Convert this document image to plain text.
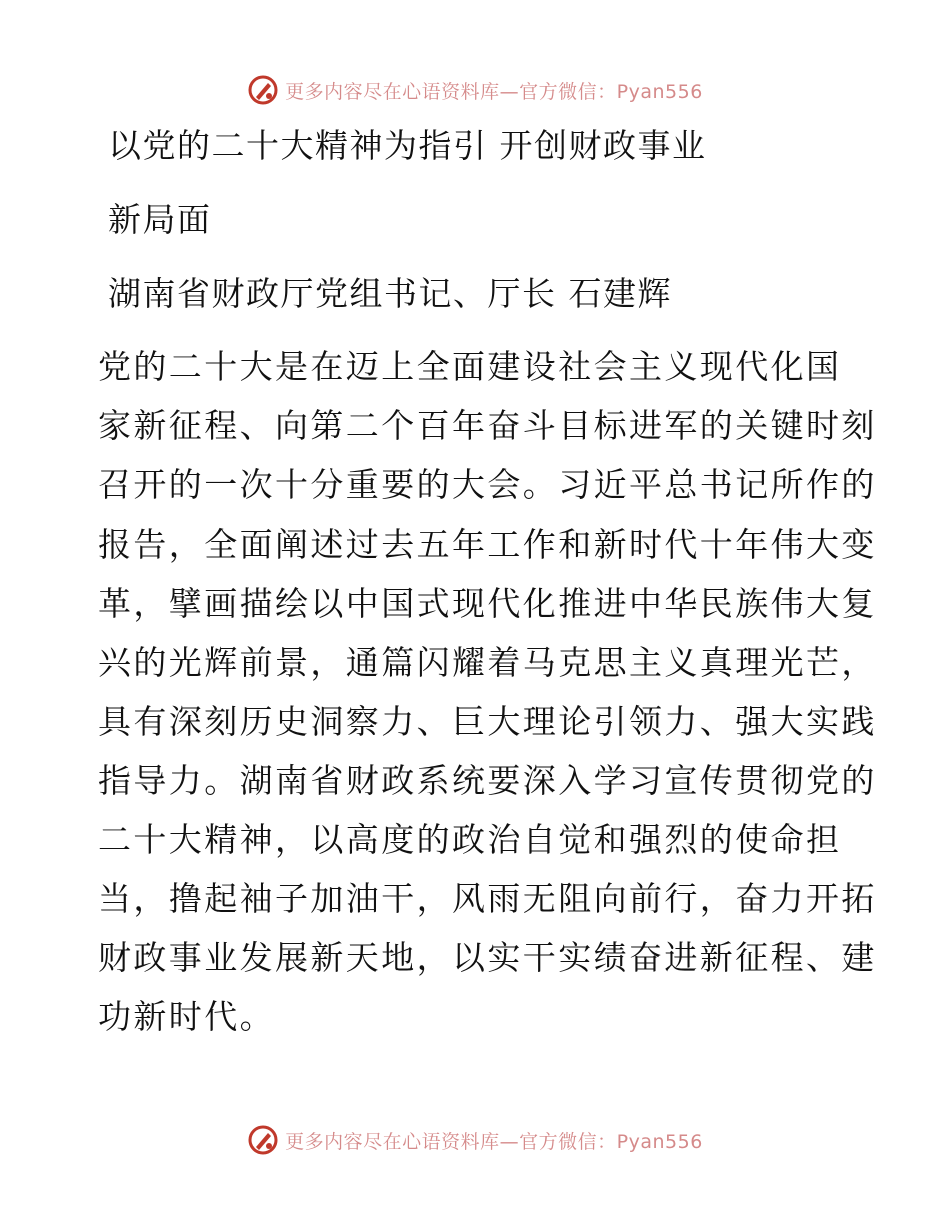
更多内容尽在心语资料库—官方微信：Pyan556
以党的二十大精神为指引 开创财政事业
新局面
湖南省财政厅党组书记、厅长 石建辉
党的二十大是在迈上全面建设社会主义现代化国
家新征程、向第二个百年奋斗目标进军的关键时刻
召开的一次十分重要的大会。习近平总书记所作的
报告，全面阐述过去五年工作和新时代十年伟大变
革，擘画描绘以中国式现代化推进中华民族伟大复
兴的光辉前景，通篇闪耀着马克思主义真理光芒，
具有深刻历史洞察力、巨大理论引领力、强大实践
指导力。湖南省财政系统要深入学习宣传贯彻党的
二十大精神，以高度的政治自觉和强烈的使命担
当，撸起袖子加油干，风雨无阻向前行，奋力开拓
财政事业发展新天地，以实干实绩奋进新征程、建
功新时代。
更多内容尽在心语资料库—官方微信：Pyan556
